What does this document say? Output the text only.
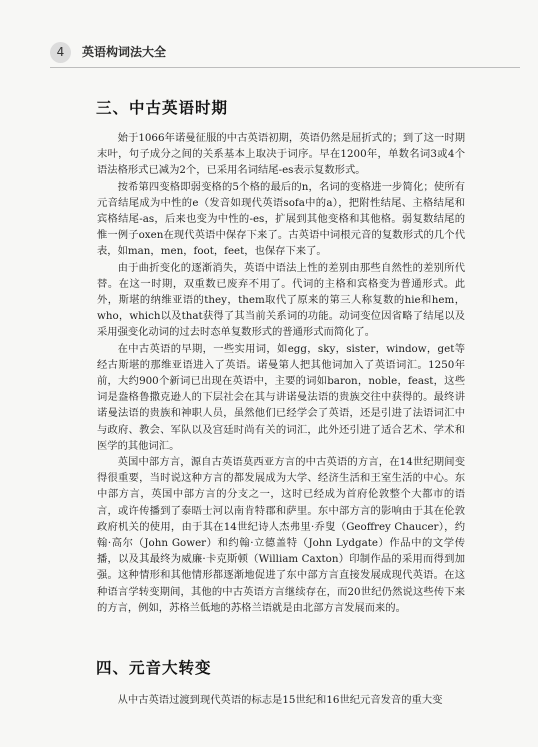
4	英语构词法大全
三、中古英语时期

始于1066年诺曼征服的中古英语初期，英语仍然是屈折式的；到了这一时期末叶，句子成分之间的关系基本上取决于词序。早在1200年，单数名词3或4个语法格形式已减为2个，已采用名词结尾-es表示复数形式。

按希第四变格即弱变格的5个格的最后的n，名词的变格进一步简化；使所有元音结尾成为中性的e（发音如现代英语sofa中的a），把附性结尾、主格结尾和宾格结尾-as，后来也变为中性的-es，扩展到其他变格和其他格。弱复数结尾的惟一例子oxen在现代英语中保存下来了。古英语中词根元音的复数形式的几个代表，如man，men，foot，feet，也保存下来了。

由于曲折变化的逐渐消失，英语中语法上性的差别由那些自然性的差别所代替。在这一时期，双重数已废弃不用了。代词的主格和宾格变为普通形式。此外，斯堪的纳维亚语的they，them取代了原来的第三人称复数的hie和hem，who，which以及that获得了其当前关系词的功能。动词变位因省略了结尾以及采用强变化动词的过去时态单复数形式的普通形式而简化了。

在中古英语的早期，一些实用词，如egg，sky，sister，window，get等经古斯堪的那维亚语进入了英语。诺曼第人把其他词加入了英语词汇。1250年前，大约900个新词已出现在英语中，主要的词如baron，noble，feast，这些词是盎格鲁撒克逊人的下层社会在其与讲诺曼法语的贵族交往中获得的。最终讲诺曼法语的贵族和神职人员，虽然他们已经学会了英语，还是引进了法语词汇中与政府、教会、军队以及宫廷时尚有关的词汇，此外还引进了适合艺术、学术和医学的其他词汇。

英国中部方言，源自古英语莫西亚方言的中古英语的方言，在14世纪期间变得很重要，当时说这种方言的都发展成为大学、经济生活和王室生活的中心。东中部方言，英国中部方言的分支之一，这时已经成为首府伦敦整个大都市的语言，或许传播到了泰晤士河以南肯特郡和萨里。东中部方言的影响由于其在伦敦政府机关的使用，由于其在14世纪诗人杰弗里·乔叟（Geoffrey Chaucer），约翰·高尔（John Gower）和约翰·立德盖特（John Lydgate）作品中的文学传播，以及其最终为威廉·卡克斯顿（William Caxton）印制作品的采用而得到加强。这种情形和其他情形都逐渐地促进了东中部方言直接发展成现代英语。在这种语言学转变期间，其他的中古英语方言继续存在，而20世纪仍然说这些传下来的方言，例如，苏格兰低地的苏格兰语就是由北部方言发展而来的。

四、元音大转变

从中古英语过渡到现代英语的标志是15世纪和16世纪元音发音的重大变
